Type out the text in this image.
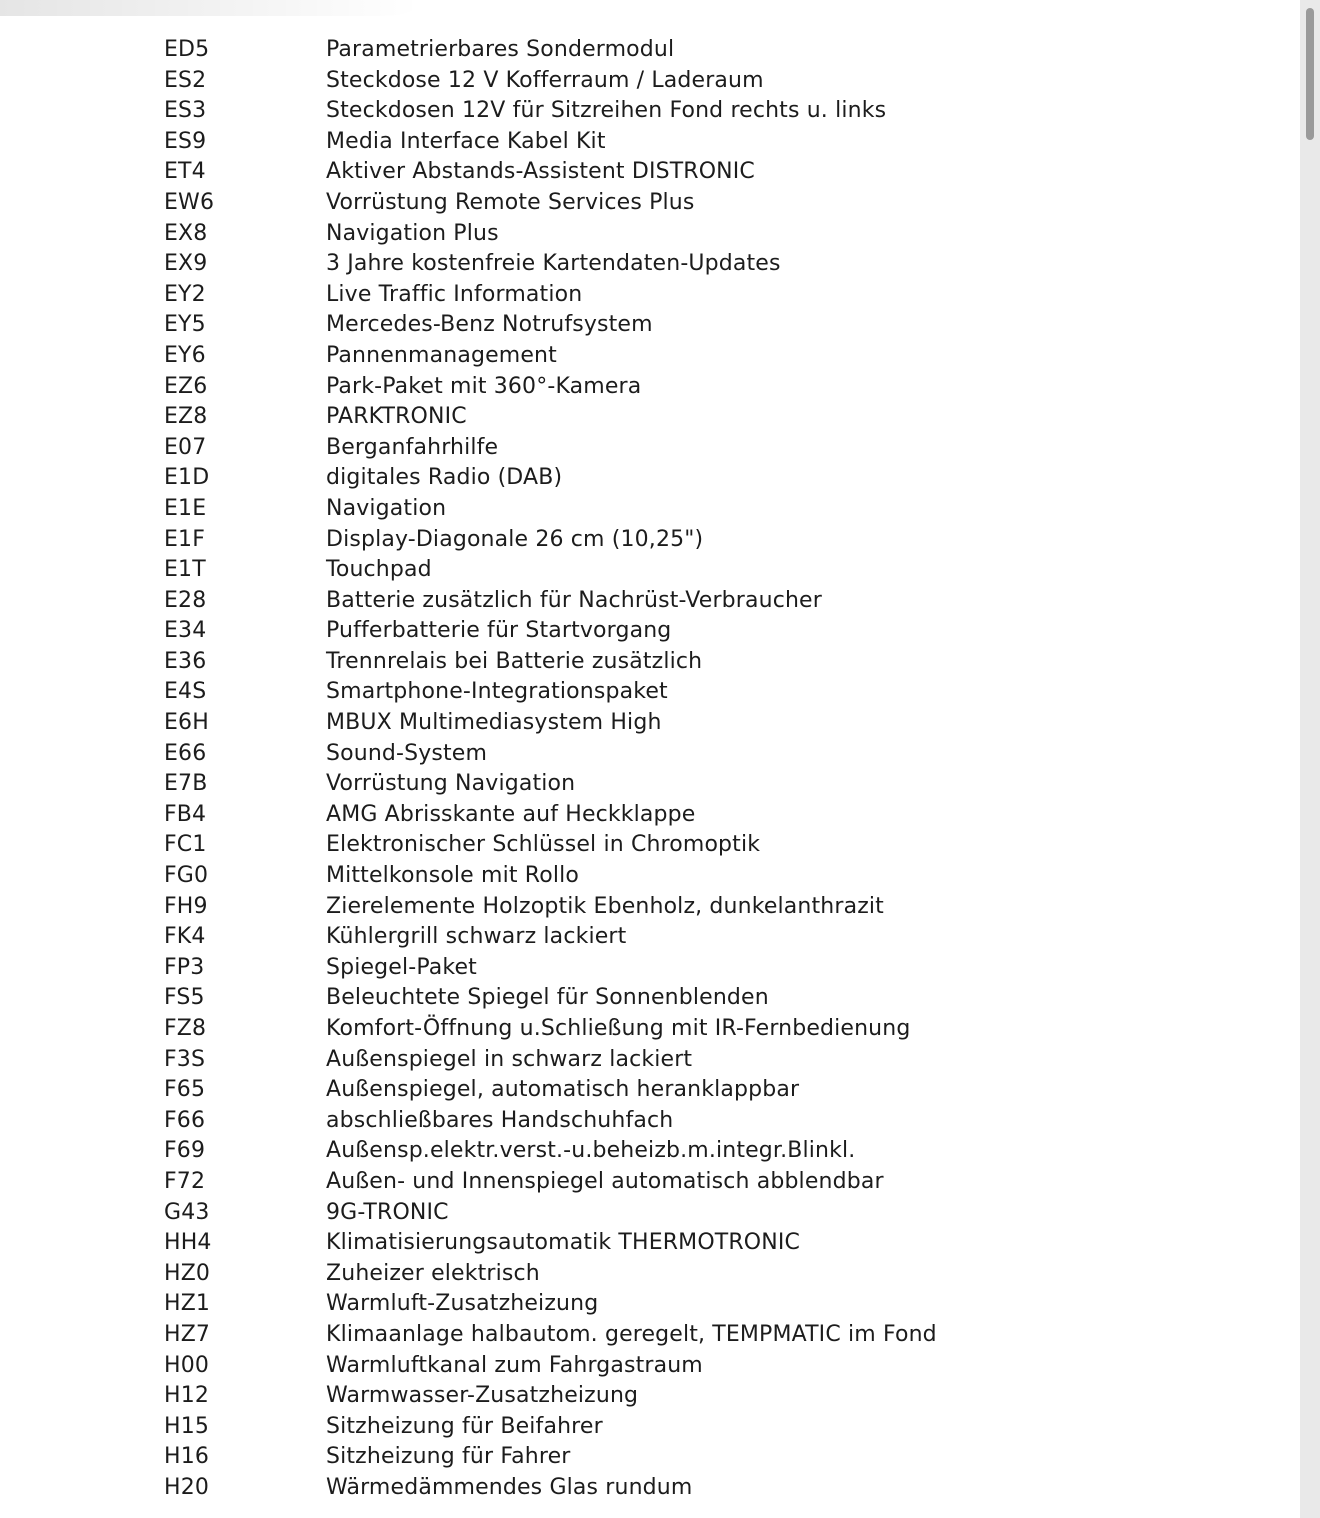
ED5	Parametrierbares Sondermodul
ES2	Steckdose 12 V Kofferraum / Laderaum
ES3	Steckdosen 12V für Sitzreihen Fond rechts u. links
ES9	Media Interface Kabel Kit
ET4	Aktiver Abstands-Assistent DISTRONIC
EW6	Vorrüstung Remote Services Plus
EX8	Navigation Plus
EX9	3 Jahre kostenfreie Kartendaten-Updates
EY2	Live Traffic Information
EY5	Mercedes-Benz Notrufsystem
EY6	Pannenmanagement
EZ6	Park-Paket mit 360°-Kamera
EZ8	PARKTRONIC
E07	Berganfahrhilfe
E1D	digitales Radio (DAB)
E1E	Navigation
E1F	Display-Diagonale 26 cm (10,25")
E1T	Touchpad
E28	Batterie zusätzlich für Nachrüst-Verbraucher
E34	Pufferbatterie für Startvorgang
E36	Trennrelais bei Batterie zusätzlich
E4S	Smartphone-Integrationspaket
E6H	MBUX Multimediasystem High
E66	Sound-System
E7B	Vorrüstung Navigation
FB4	AMG Abrisskante auf Heckklappe
FC1	Elektronischer Schlüssel in Chromoptik
FG0	Mittelkonsole mit Rollo
FH9	Zierelemente Holzoptik Ebenholz, dunkelanthrazit
FK4	Kühlergrill schwarz lackiert
FP3	Spiegel-Paket
FS5	Beleuchtete Spiegel für Sonnenblenden
FZ8	Komfort-Öffnung u.Schließung mit IR-Fernbedienung
F3S	Außenspiegel in schwarz lackiert
F65	Außenspiegel, automatisch heranklappbar
F66	abschließbares Handschuhfach
F69	Außensp.elektr.verst.-u.beheizb.m.integr.Blinkl.
F72	Außen- und Innenspiegel automatisch abblendbar
G43	9G-TRONIC
HH4	Klimatisierungsautomatik THERMOTRONIC
HZ0	Zuheizer elektrisch
HZ1	Warmluft-Zusatzheizung
HZ7	Klimaanlage halbautom. geregelt, TEMPMATIC im Fond
H00	Warmluftkanal zum Fahrgastraum
H12	Warmwasser-Zusatzheizung
H15	Sitzheizung für Beifahrer
H16	Sitzheizung für Fahrer
H20	Wärmedämmendes Glas rundum
